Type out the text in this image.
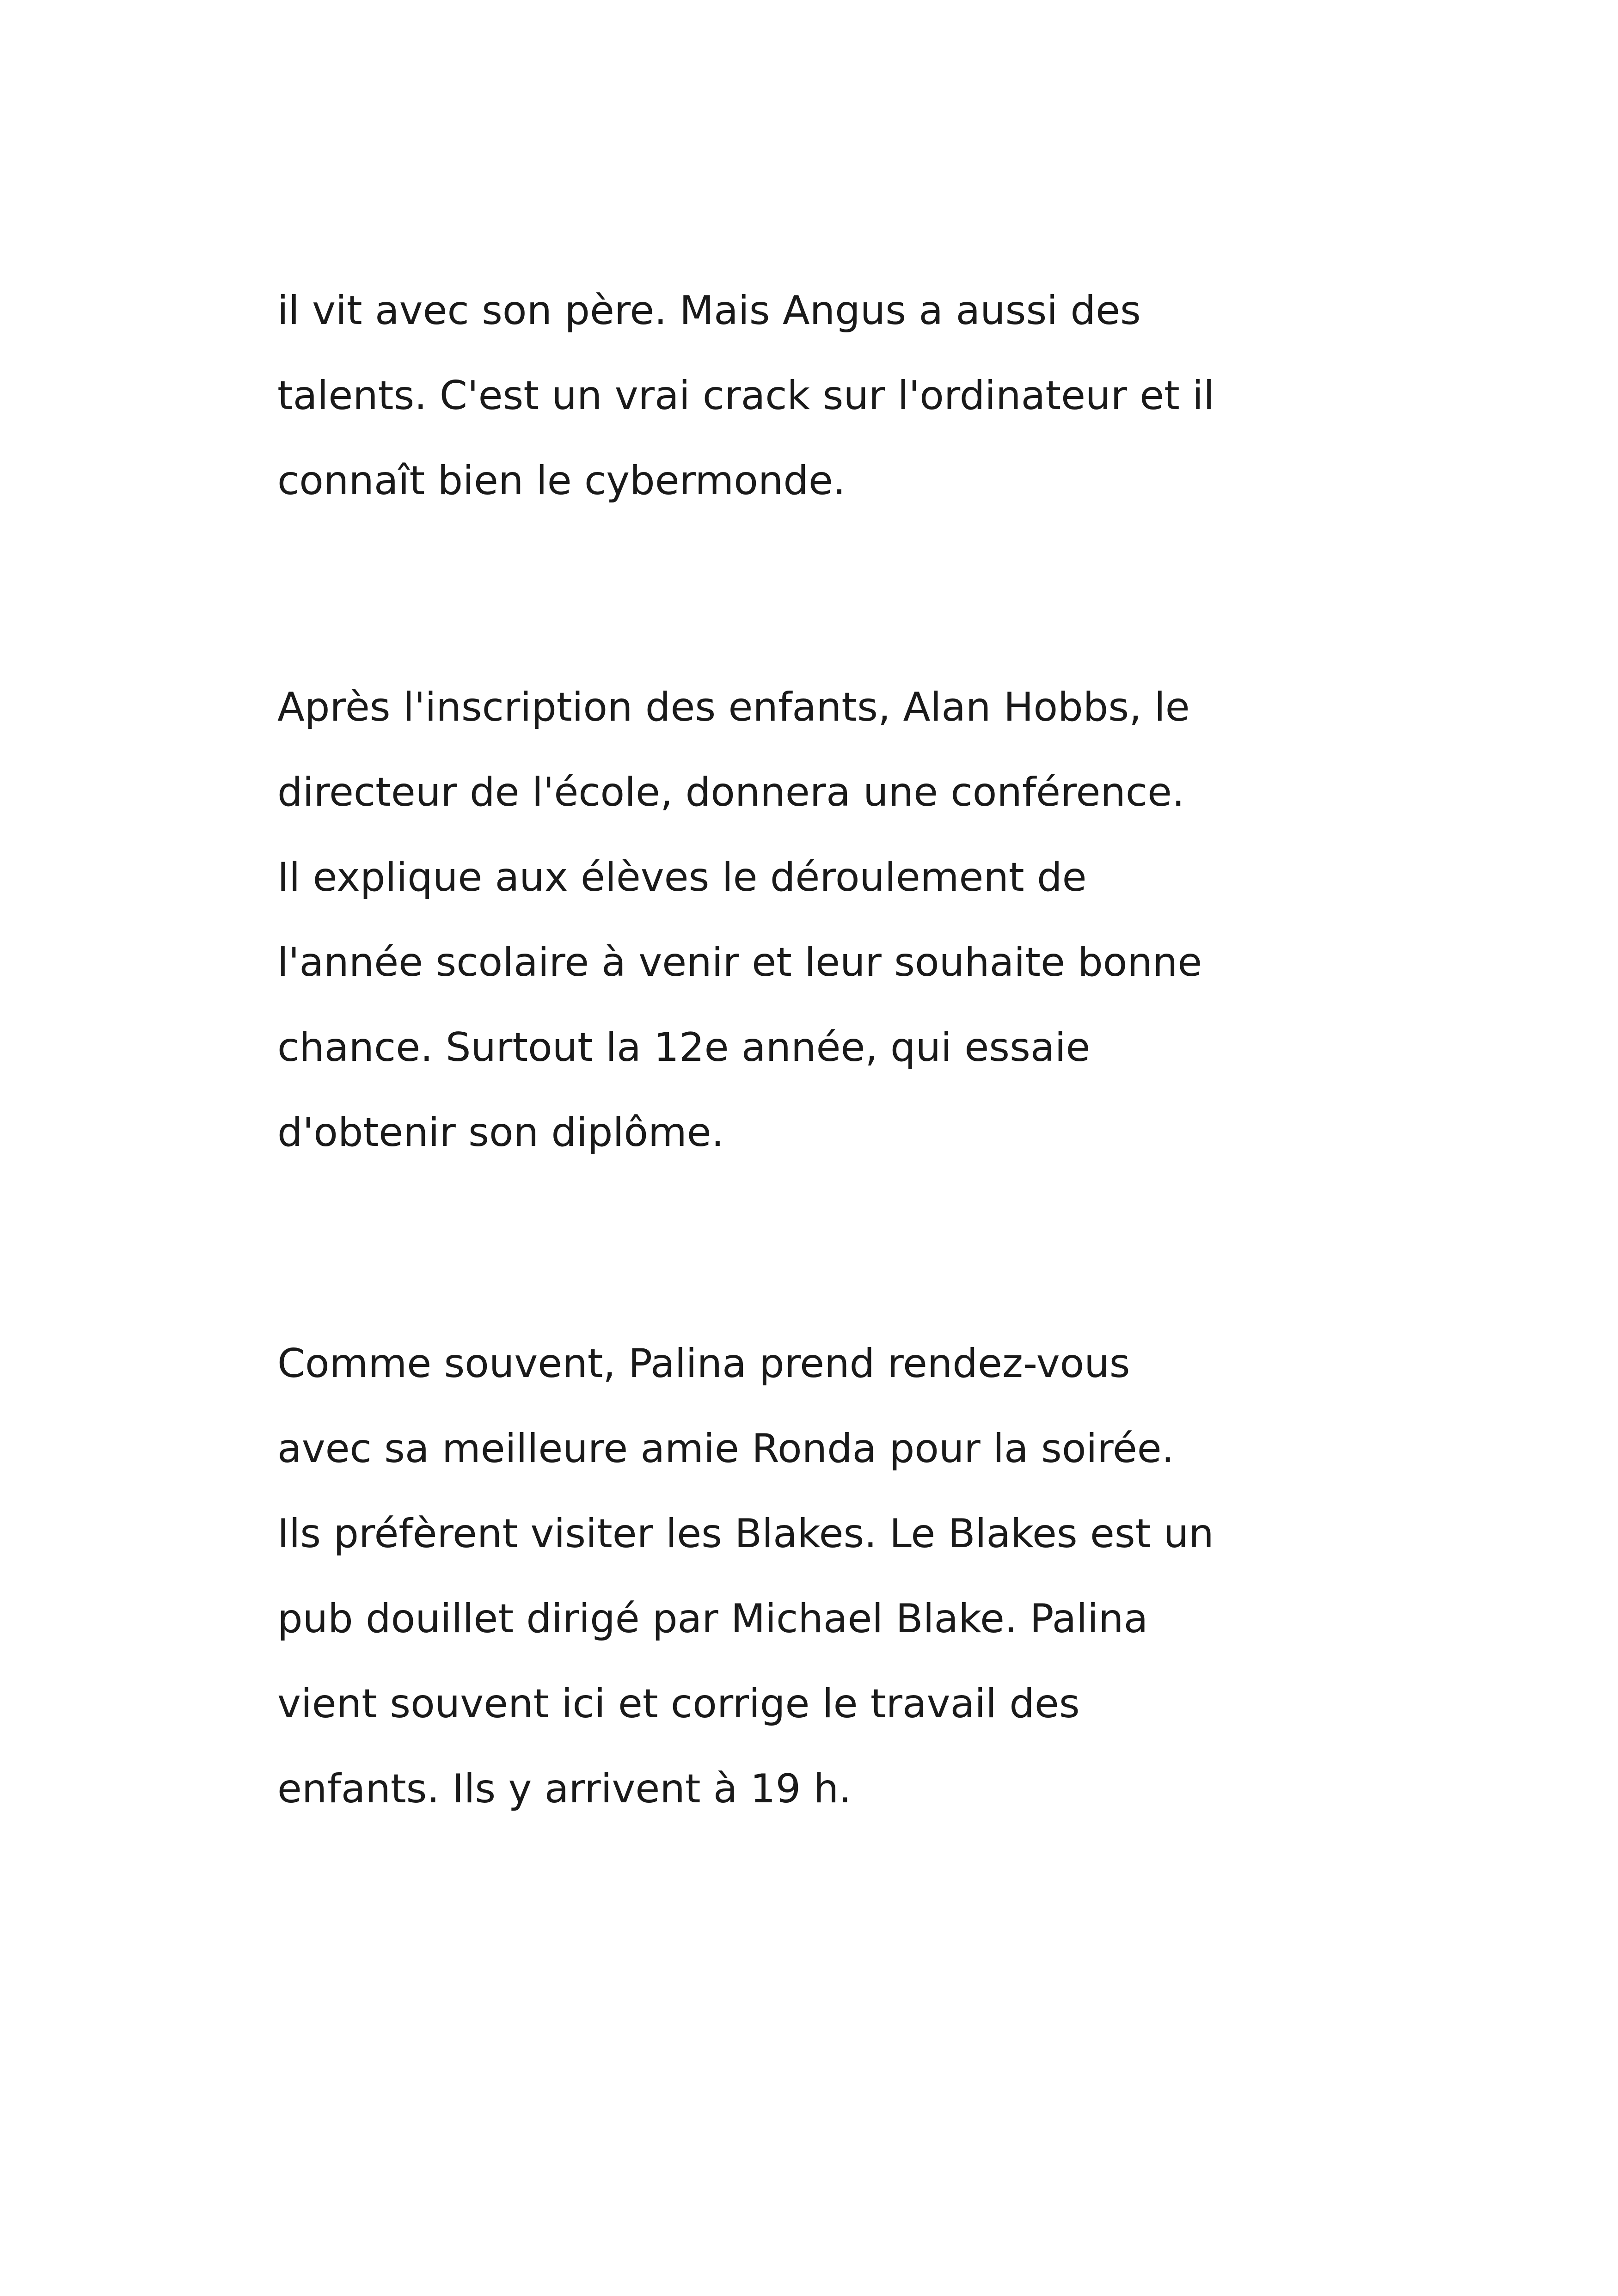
il vit avec son père. Mais Angus a aussi des
talents. C'est un vrai crack sur l'ordinateur et il
connaît bien le cybermonde.

Après l'inscription des enfants, Alan Hobbs, le
directeur de l'école, donnera une conférence.
Il explique aux élèves le déroulement de
l'année scolaire à venir et leur souhaite bonne
chance. Surtout la 12e année, qui essaie
d'obtenir son diplôme.

Comme souvent, Palina prend rendez-vous
avec sa meilleure amie Ronda pour la soirée.
Ils préfèrent visiter les Blakes. Le Blakes est un
pub douillet dirigé par Michael Blake. Palina
vient souvent ici et corrige le travail des
enfants. Ils y arrivent à 19 h.
